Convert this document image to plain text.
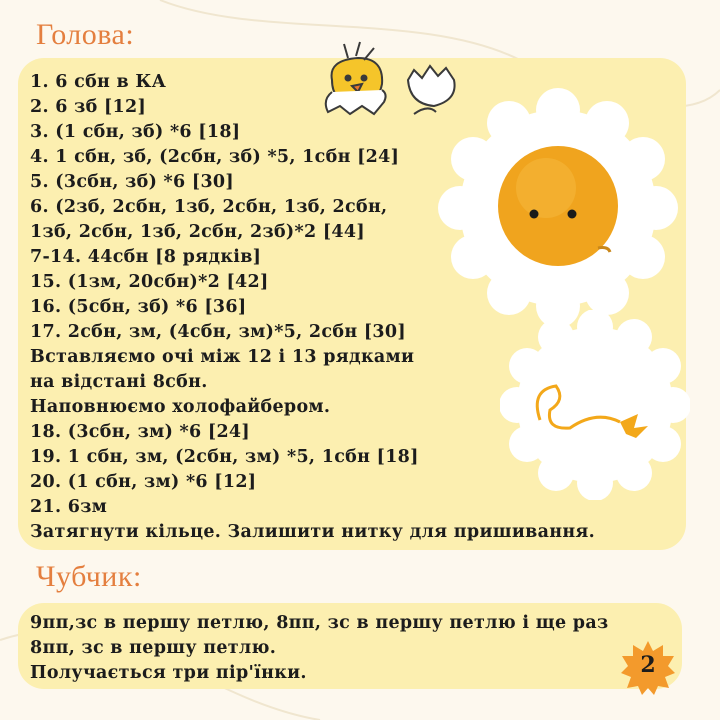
Голова:
1. 6 сбн в КА
2. 6 зб [12]
3. (1 сбн, зб) *6 [18]
4. 1 сбн, зб, (2сбн, зб) *5, 1сбн [24]
5. (3сбн, зб) *6 [30]
6. (2зб, 2сбн, 1зб, 2сбн, 1зб, 2сбн,
1зб, 2сбн, 1зб, 2сбн, 2зб)*2 [44]
7-14. 44сбн [8 рядків]
15. (1зм, 20сбн)*2 [42]
16. (5сбн, зб) *6 [36]
17. 2сбн, зм, (4сбн, зм)*5, 2сбн [30]
Вставляємо очі між 12 і 13 рядками
на відстані 8сбн.
Наповнюємо холофайбером.
18. (3сбн, зм) *6 [24]
19. 1 сбн, зм, (2сбн, зм) *5, 1сбн [18]
20. (1 сбн, зм) *6 [12]
21. 6зм
Затягнути кільце. Залишити нитку для пришивання.
Чубчик:
9пп,зс в першу петлю, 8пп, зс в першу петлю і ще раз
8пп, зс в першу петлю.
Получається три пір'їнки.	2
